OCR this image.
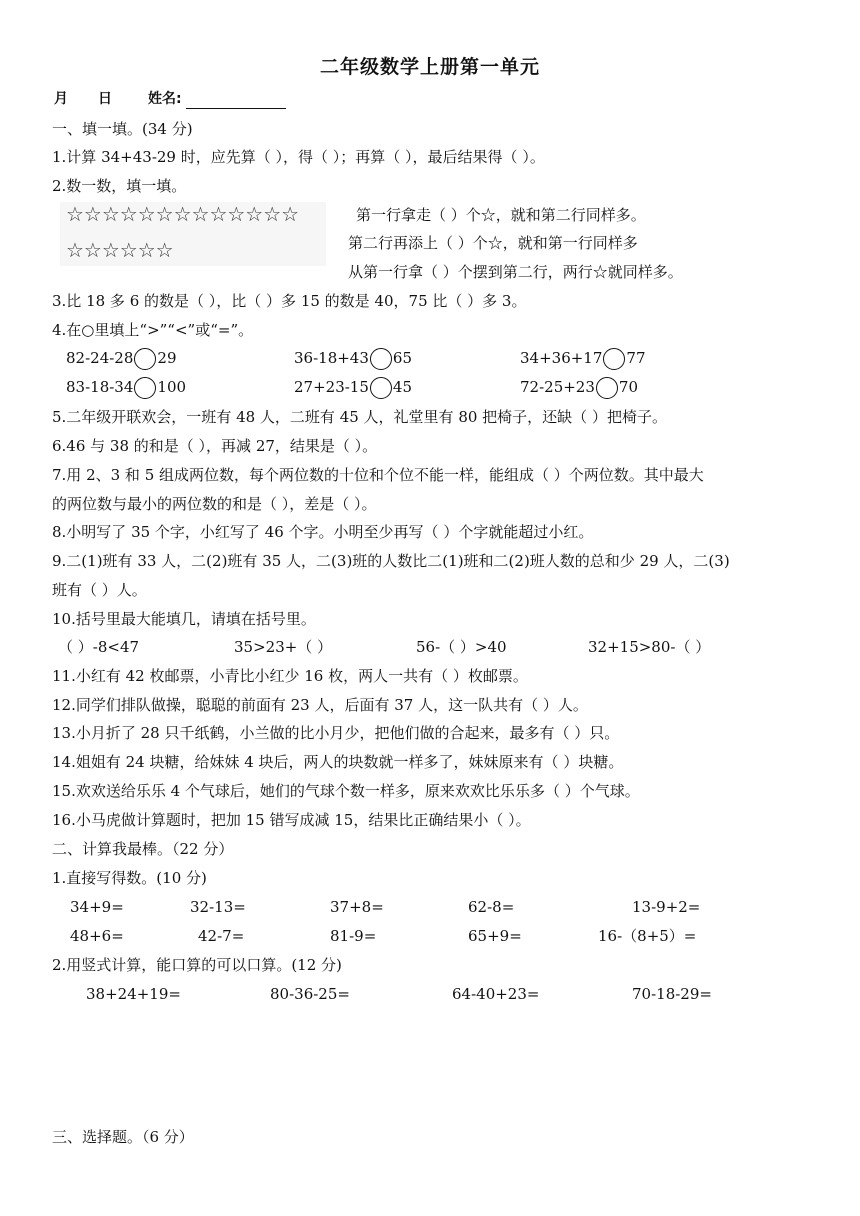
二年级数学上册第一单元
月 日	姓名:
一、填一填。(34 分)
1.计算 34+43-29 时，应先算（ ），得（ ）；再算（ ），最后结果得（ ）。
2.数一数，填一填。
☆☆☆☆☆☆☆☆☆☆☆☆☆
☆☆☆☆☆☆
第一行拿走（ ）个☆，就和第二行同样多。
第二行再添上（ ）个☆，就和第一行同样多
从第一行拿（ ）个摆到第二行，两行☆就同样多。
3.比 18 多 6 的数是（ ），比（ ）多 15 的数是 40，75 比（ ）多 3。
4.在○里填上“>”“<”或“=”。
82-24-28 29	36-18+43 65	34+36+17 77
83-18-34 100	27+23-15 45	72-25+23 70
5.二年级开联欢会，一班有 48 人，二班有 45 人，礼堂里有 80 把椅子，还缺（ ）把椅子。
6.46 与 38 的和是（ ），再减 27，结果是（ ）。
7.用 2、3 和 5 组成两位数，每个两位数的十位和个位不能一样，能组成（ ）个两位数。其中最大
的两位数与最小的两位数的和是（ ），差是（ ）。
8.小明写了 35 个字，小红写了 46 个字。小明至少再写（ ）个字就能超过小红。
9.二(1)班有 33 人，二(2)班有 35 人，二(3)班的人数比二(1)班和二(2)班人数的总和少 29 人，二(3)
班有（ ）人。
10.括号里最大能填几，请填在括号里。
（ ）-8<47	35>23+（ ）	56-（ ）>40	32+15>80-（ ）
11.小红有 42 枚邮票，小青比小红少 16 枚，两人一共有（ ）枚邮票。
12.同学们排队做操，聪聪的前面有 23 人，后面有 37 人，这一队共有（ ）人。
13.小月折了 28 只千纸鹤，小兰做的比小月少，把他们做的合起来，最多有（ ）只。
14.姐姐有 24 块糖，给妹妹 4 块后，两人的块数就一样多了，妹妹原来有（ ）块糖。
15.欢欢送给乐乐 4 个气球后，她们的气球个数一样多，原来欢欢比乐乐多（ ）个气球。
16.小马虎做计算题时，把加 15 错写成减 15，结果比正确结果小（ ）。
二、计算我最棒。（22 分）
1.直接写得数。(10 分)
34+9=	32-13=	37+8=	62-8=	13-9+2=
48+6=	42-7=	81-9=	65+9=	16-（8+5）=
2.用竖式计算，能口算的可以口算。(12 分)
38+24+19=	80-36-25=	64-40+23=	70-18-29=
三、选择题。（6 分）
